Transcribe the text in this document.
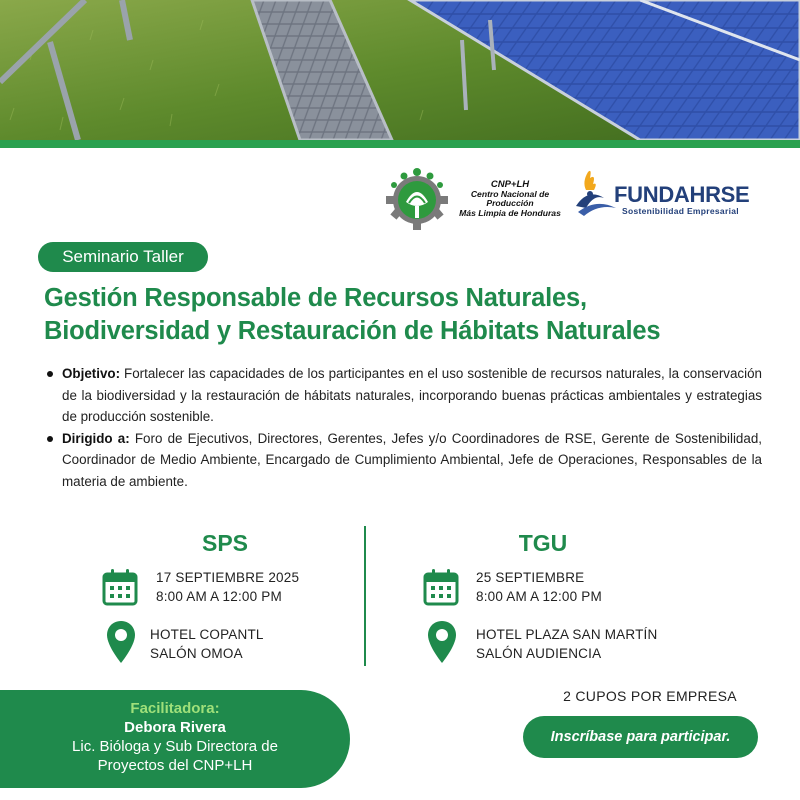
CNP+LH
Centro Nacional de Producción
Más Limpia de Honduras
FUNDAHRSE
Sostenibilidad Empresarial
Seminario Taller
Gestión Responsable de Recursos Naturales,
Biodiversidad y Restauración de Hábitats Naturales
Objetivo: Fortalecer las capacidades de los participantes en el uso sostenible de recursos naturales, la conservación de la biodiversidad y la restauración de hábitats naturales, incorporando buenas prácticas ambientales y estrategias de producción sostenible.
Dirigido a: Foro de Ejecutivos, Directores, Gerentes, Jefes y/o Coordinadores de RSE, Gerente de Sostenibilidad, Coordinador de Medio Ambiente, Encargado de Cumplimiento Ambiental, Jefe de Operaciones, Responsables de la materia de ambiente.
SPS
17 SEPTIEMBRE 2025
8:00 AM A 12:00 PM
HOTEL COPANTL
SALÓN OMOA
TGU
25 SEPTIEMBRE
8:00 AM A 12:00 PM
HOTEL PLAZA SAN MARTÍN
SALÓN AUDIENCIA
Facilitadora:
Debora Rivera
Lic. Bióloga y Sub Directora de
Proyectos del CNP+LH
2 CUPOS POR EMPRESA
Inscríbase para participar.
